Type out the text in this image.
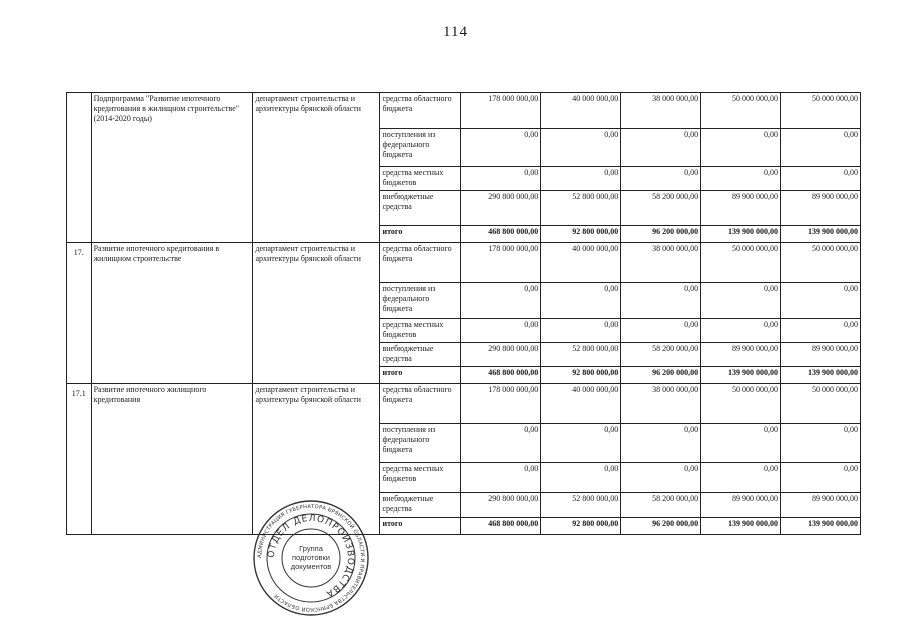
114
	Подпрограмма "Развитие ипотечного кредитования в жилищном строительстве" (2014-2020 годы)	департамент строительства и архитектуры брянской области	средства областного бюджета	178 000 000,00	40 000 000,00	38 000 000,00	50 000 000,00	50 000 000,00
			поступления из федерального бюджета	0,00	0,00	0,00	0,00	0,00
			средства местных бюджетов	0,00	0,00	0,00	0,00	0,00
			внебюджетные средства	290 800 000,00	52 800 000,00	58 200 000,00	89 900 000,00	89 900 000,00
			итого	468 800 000,00	92 800 000,00	96 200 000,00	139 900 000,00	139 900 000,00
17.	Развитие ипотечного кредитования в жилищном строительстве	департамент строительства и архитектуры брянской области	средства областного бюджета	178 000 000,00	40 000 000,00	38 000 000,00	50 000 000,00	50 000 000,00
			поступления из федерального бюджета	0,00	0,00	0,00	0,00	0,00
			средства местных бюджетов	0,00	0,00	0,00	0,00	0,00
			внебюджетные средства	290 800 000,00	52 800 000,00	58 200 000,00	89 900 000,00	89 900 000,00
			итого	468 800 000,00	92 800 000,00	96 200 000,00	139 900 000,00	139 900 000,00
17.1	Развитие ипотечного жилищного кредитования	департамент строительства и архитектуры брянской области	средства областного бюджета	178 000 000,00	40 000 000,00	38 000 000,00	50 000 000,00	50 000 000,00
			поступления из федерального бюджета	0,00	0,00	0,00	0,00	0,00
			средства местных бюджетов	0,00	0,00	0,00	0,00	0,00
			внебюджетные средства	290 800 000,00	52 800 000,00	58 200 000,00	89 900 000,00	89 900 000,00
			итого	468 800 000,00	92 800 000,00	96 200 000,00	139 900 000,00	139 900 000,00
АДМИНИСТРАЦИЯ ГУБЕРНАТОРА БРЯНСКОЙ ОБЛАСТИ И ПРАВИТЕЛЬСТВА БРЯНСКОЙ ОБЛАСТИ
ОТДЕЛ ДЕЛОПРОИЗВОДСТВА
Группа
подготовки
документов
